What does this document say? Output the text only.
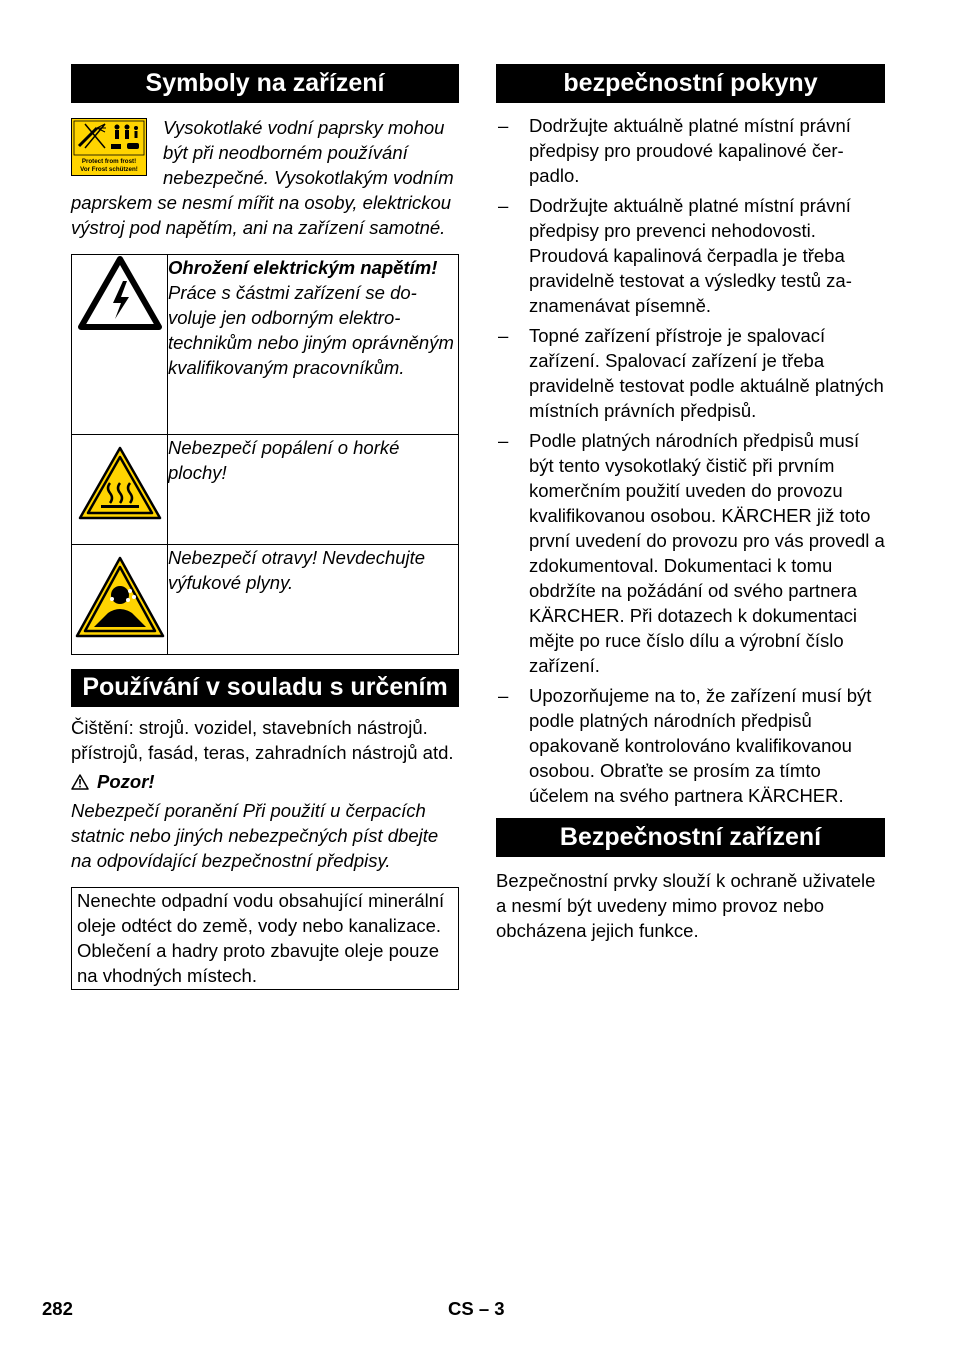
Symboly na zařízení
Protect from frost!
Vor Frost schützen!

Vysokotlaké vodní paprsky mohou být při neodborném používání nebezpečné. Vysokotlakým vodním paprskem se nesmí mířit na osoby, elektrickou výstroj pod napětím, ani na zařízení samotné.

Ohrožení elektrickým napětím!

Práce s částmi zařízení se dovoluje jen odborným elektrotechnikům nebo jiným oprávněným kvalifikovaným pracovníkům.

Nebezpečí popálení o horké plochy!

Nebezpečí otravy! Nevdechujte výfukové plyny.

Používání v souladu s určením

Čištění: strojů. vozidel, stavebních nástrojů. přístrojů, fasád, teras, zahradních nástrojů atd.

Pozor!

Nebezpečí poranění Při použití u čerpacích statnic nebo jiných nebezpečných píst dbejte na odpovídající bezpečnostní předpisy.

Nenechte odpadní vodu obsahující minerální oleje odtéct do země, vody nebo kanalizace. Oblečení a hadry proto zbavujte oleje pouze na vhodných místech.

bezpečnostní pokyny
– Dodržujte aktuálně platné místní právní předpisy pro proudové kapalinové čerpadlo.
– Dodržujte aktuálně platné místní právní předpisy pro prevenci nehodovosti. Proudová kapalinová čerpadla je třeba pravidelně testovat a výsledky testů zaznamenávat písemně.
– Topné zařízení přístroje je spalovací zařízení. Spalovací zařízení je třeba pravidelně testovat podle aktuálně platných místních právních předpisů.
– Podle platných národních předpisů musí být tento vysokotlaký čistič při prvním komerčním použití uveden do provozu kvalifikovanou osobou. KÄRCHER již toto první uvedení do provozu pro vás provedl a zdokumentoval. Dokumentaci k tomu obdržíte na požádání od svého partnera KÄRCHER. Při dotazech k dokumentaci mějte po ruce číslo dílu a výrobní číslo zařízení.
– Upozorňujeme na to, že zařízení musí být podle platných národních předpisů opakovaně kontrolováno kvalifikovanou osobou. Obraťte se prosím za tímto účelem na svého partnera KÄRCHER.
Bezpečnostní zařízení

Bezpečnostní prvky slouží k ochraně uživatele a nesmí být uvedeny mimo provoz nebo obcházena jejich funkce.

282	CS – 3
